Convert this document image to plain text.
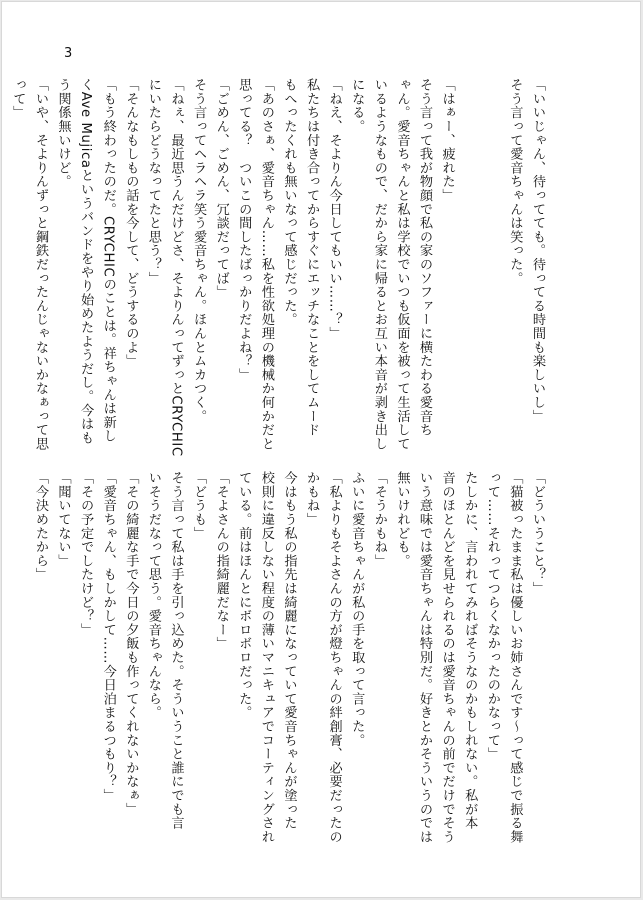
3
「いいじゃん、待ってても。待ってる時間も楽しいし」
そう言って愛音ちゃんは笑った。
「はぁー、疲れた」
そう言って我が物顔で私の家のソファーに横たわる愛音ち
ゃん。愛音ちゃんと私は学校でいつも仮面を被って生活して
いるようなもので、だから家に帰るとお互い本音が剥き出し
になる。
「ねえ、そよりん今日してもいい……？」
私たちは付き合ってからすぐにエッチなことをしてムード
もへったくれも無いなって感じだった。
「あのさぁ、愛音ちゃん……私を性欲処理の機械か何かだと
思ってる？　ついこの間したばっかりだよね？」
「ごめん、ごめん、冗談だってば」
そう言ってヘラヘラ笑う愛音ちゃん。ほんとムカつく。
「ねぇ、最近思うんだけどさ、そよりんってずっとCRYCHIC
にいたらどうなってたと思う？」
「そんなもしもの話を今して、どうするのよ」
「もう終わったのだ。CRYCHICのことは。祥ちゃんは新し
くAve Mujicaというバンドをやり始めたようだし。今はも
う関係無いけど。
「いや、そよりんずっと鋼鉄だったんじゃないかなぁって思
って」
「どういうこと？」
「猫被ったまま私は優しいお姉さんです〜って感じで振る舞
って……それってつらくなかったのかなって」
たしかに、言われてみればそうなのかもしれない。私が本
音のほとんどを見せられるのは愛音ちゃんの前でだけでそう
いう意味では愛音ちゃんは特別だ。好きとかそういうのでは
無いけれども。
「そうかもね」
ふいに愛音ちゃんが私の手を取って言った。
「私よりもそよさんの方が燈ちゃんの絆創膏、必要だったの
かもね」
今はもう私の指先は綺麗になっていて愛音ちゃんが塗った
校則に違反しない程度の薄いマニキュアでコーティングされ
ている。前はほんとにボロボロだった。
「そよさんの指綺麗だなー」
「どうも」
そう言って私は手を引っ込めた。そういうこと誰にでも言
いそうだなって思う。愛音ちゃんなら。
「その綺麗な手で今日の夕飯も作ってくれないかなぁ」
「愛音ちゃん、もしかして……今日泊まるつもり？」
「その予定でしたけど？」
「聞いてない」
「今決めたから」
